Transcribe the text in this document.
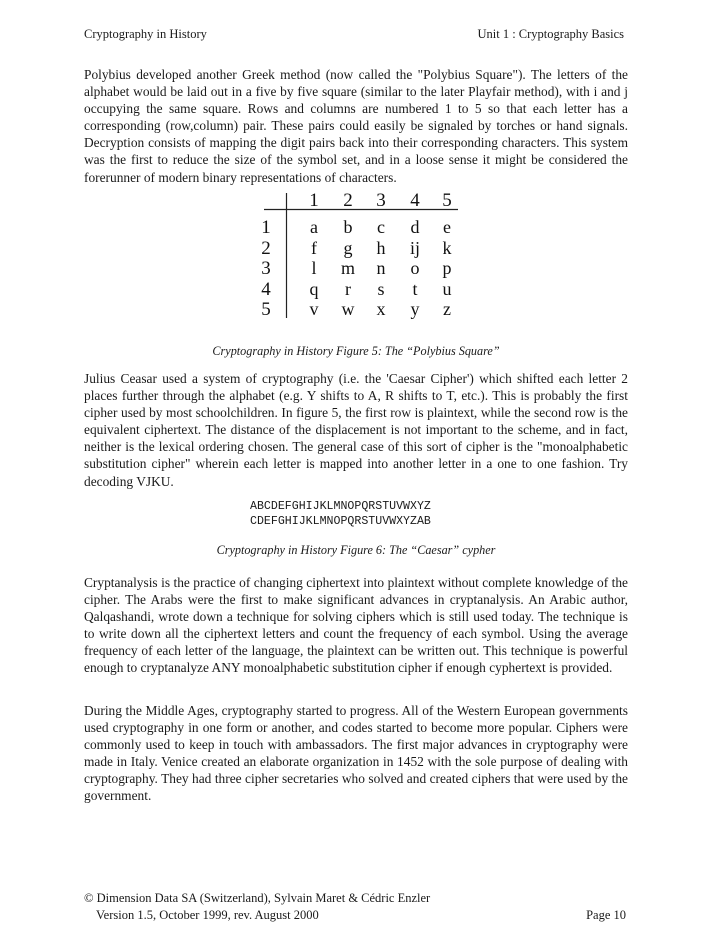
Cryptography in History	Unit 1 : Cryptography Basics

Polybius developed another Greek method (now called the "Polybius Square"). The letters of the alphabet would be laid out in a five by five square (similar to the later Playfair method), with i and j occupying the same square. Rows and columns are numbered 1 to 5 so that each letter has a corresponding (row,column) pair. These pairs could easily be signaled by torches or hand signals. Decryption consists of mapping the digit pairs back into their corresponding characters. This system was the first to reduce the size of the symbol set, and in a loose sense it might be considered the forerunner of modern binary representations of characters.

1 2 3 4 5
1
2
3
4
5
a b c d e
f g h ij k
l m n o p
q r s t u
v w x y z
Cryptography in History Figure 5: The “Polybius Square”

Julius Ceasar used a system of cryptography (i.e. the 'Caesar Cipher') which shifted each letter 2 places further through the alphabet (e.g. Y shifts to A, R shifts to T, etc.). This is probably the first cipher used by most schoolchildren. In figure 5, the first row is plaintext, while the second row is the equivalent ciphertext. The distance of the displacement is not important to the scheme, and in fact, neither is the lexical ordering chosen. The general case of this sort of cipher is the "monoalphabetic substitution cipher" wherein each letter is mapped into another letter in a one to one fashion. Try decoding VJKU.

ABCDEFGHIJKLMNOPQRSTUVWXYZ
CDEFGHIJKLMNOPQRSTUVWXYZAB
Cryptography in History Figure 6: The “Caesar” cypher

Cryptanalysis is the practice of changing ciphertext into plaintext without complete knowledge of the cipher. The Arabs were the first to make significant advances in cryptanalysis. An Arabic author, Qalqashandi, wrote down a technique for solving ciphers which is still used today. The technique is to write down all the ciphertext letters and count the frequency of each symbol. Using the average frequency of each letter of the language, the plaintext can be written out. This technique is powerful enough to cryptanalyze ANY monoalphabetic substitution cipher if enough cyphertext is provided.

During the Middle Ages, cryptography started to progress. All of the Western European governments used cryptography in one form or another, and codes started to become more popular. Ciphers were commonly used to keep in touch with ambassadors. The first major advances in cryptography were made in Italy. Venice created an elaborate organization in 1452 with the sole purpose of dealing with cryptography. They had three cipher secretaries who solved and created ciphers that were used by the government.

© Dimension Data SA (Switzerland), Sylvain Maret & Cédric Enzler
Version 1.5, October 1999, rev. August 2000	Page 10
